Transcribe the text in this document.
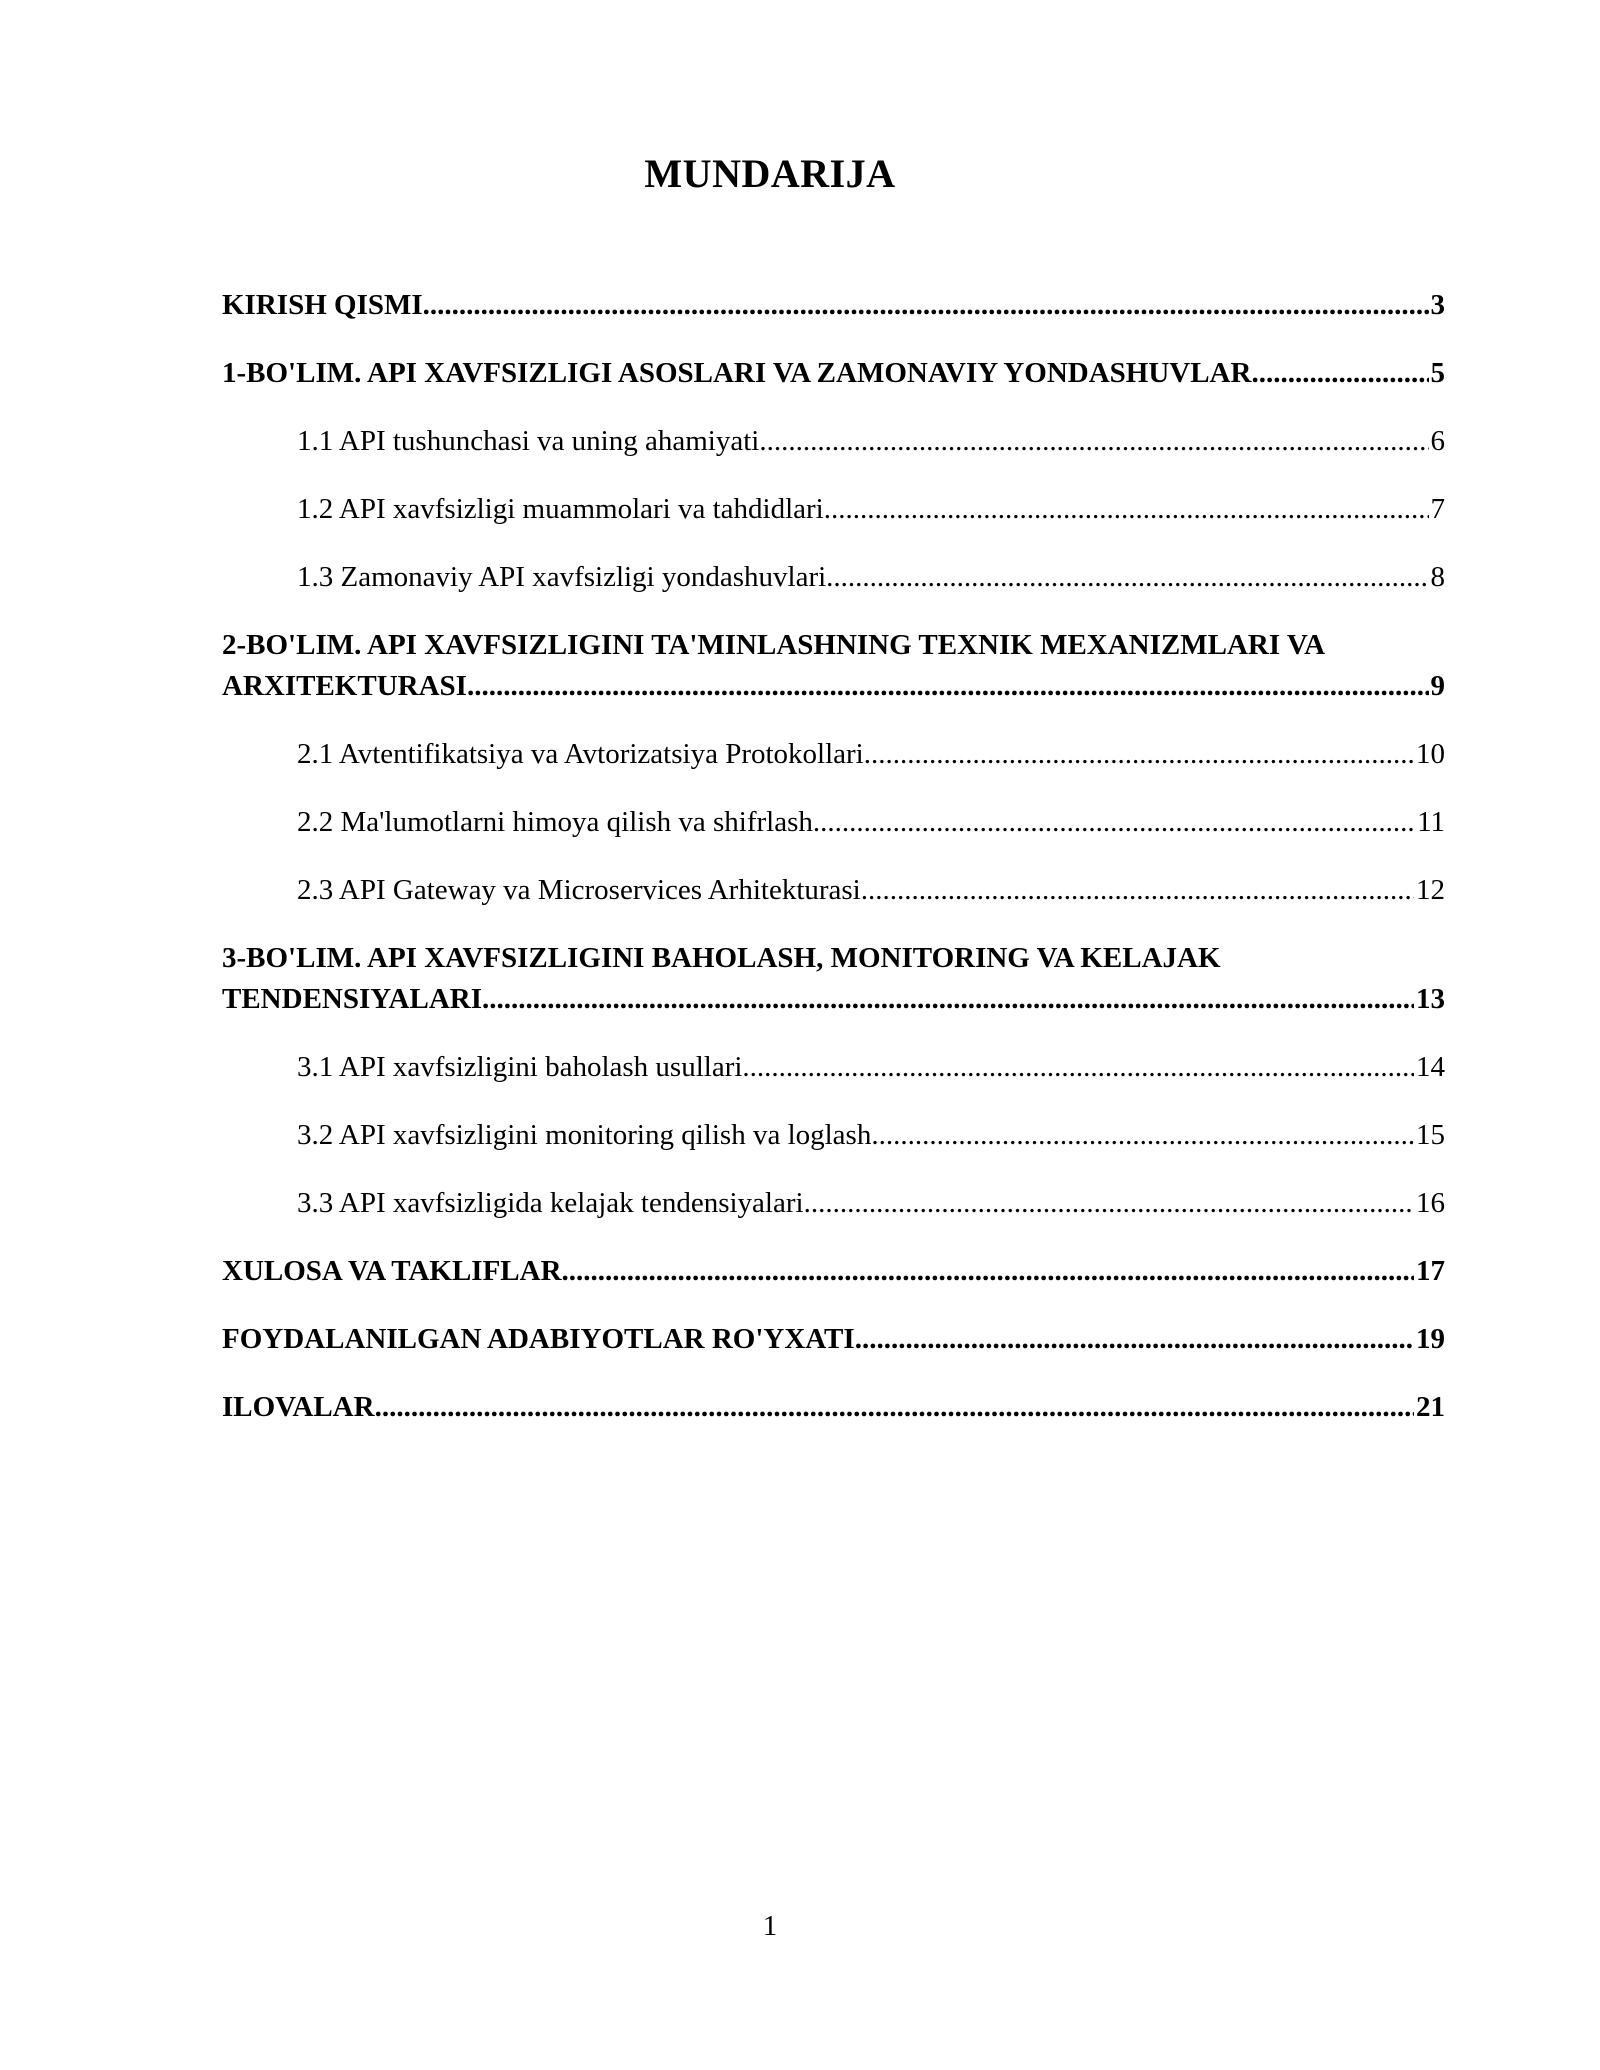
MUNDARIJA
KIRISH QISMI .....	3
1-BO'LIM. API XAVFSIZLIGI ASOSLARI VA ZAMONAVIY YONDASHUVLAR .....	5
1.1 API tushunchasi va uning ahamiyati .....	6
1.2 API xavfsizligi muammolari va tahdidlari .....	7
1.3 Zamonaviy API xavfsizligi yondashuvlari .....	8
2-BO'LIM. API XAVFSIZLIGINI TA'MINLASHNING TEXNIK MEXANIZMLARI VA
ARXITEKTURASI .....	9
2.1 Avtentifikatsiya va Avtorizatsiya Protokollari .....	10
2.2 Ma'lumotlarni himoya qilish va shifrlash .....	11
2.3 API Gateway va Microservices Arhitekturasi .....	12
3-BO'LIM. API XAVFSIZLIGINI BAHOLASH, MONITORING VA KELAJAK
TENDENSIYALARI .....	13
3.1 API xavfsizligini baholash usullari .....	14
3.2 API xavfsizligini monitoring qilish va loglash .....	15
3.3 API xavfsizligida kelajak tendensiyalari .....	16
XULOSA VA TAKLIFLAR .....	17
FOYDALANILGAN ADABIYOTLAR RO'YXATI .....	19
ILOVALAR .....	21
1
